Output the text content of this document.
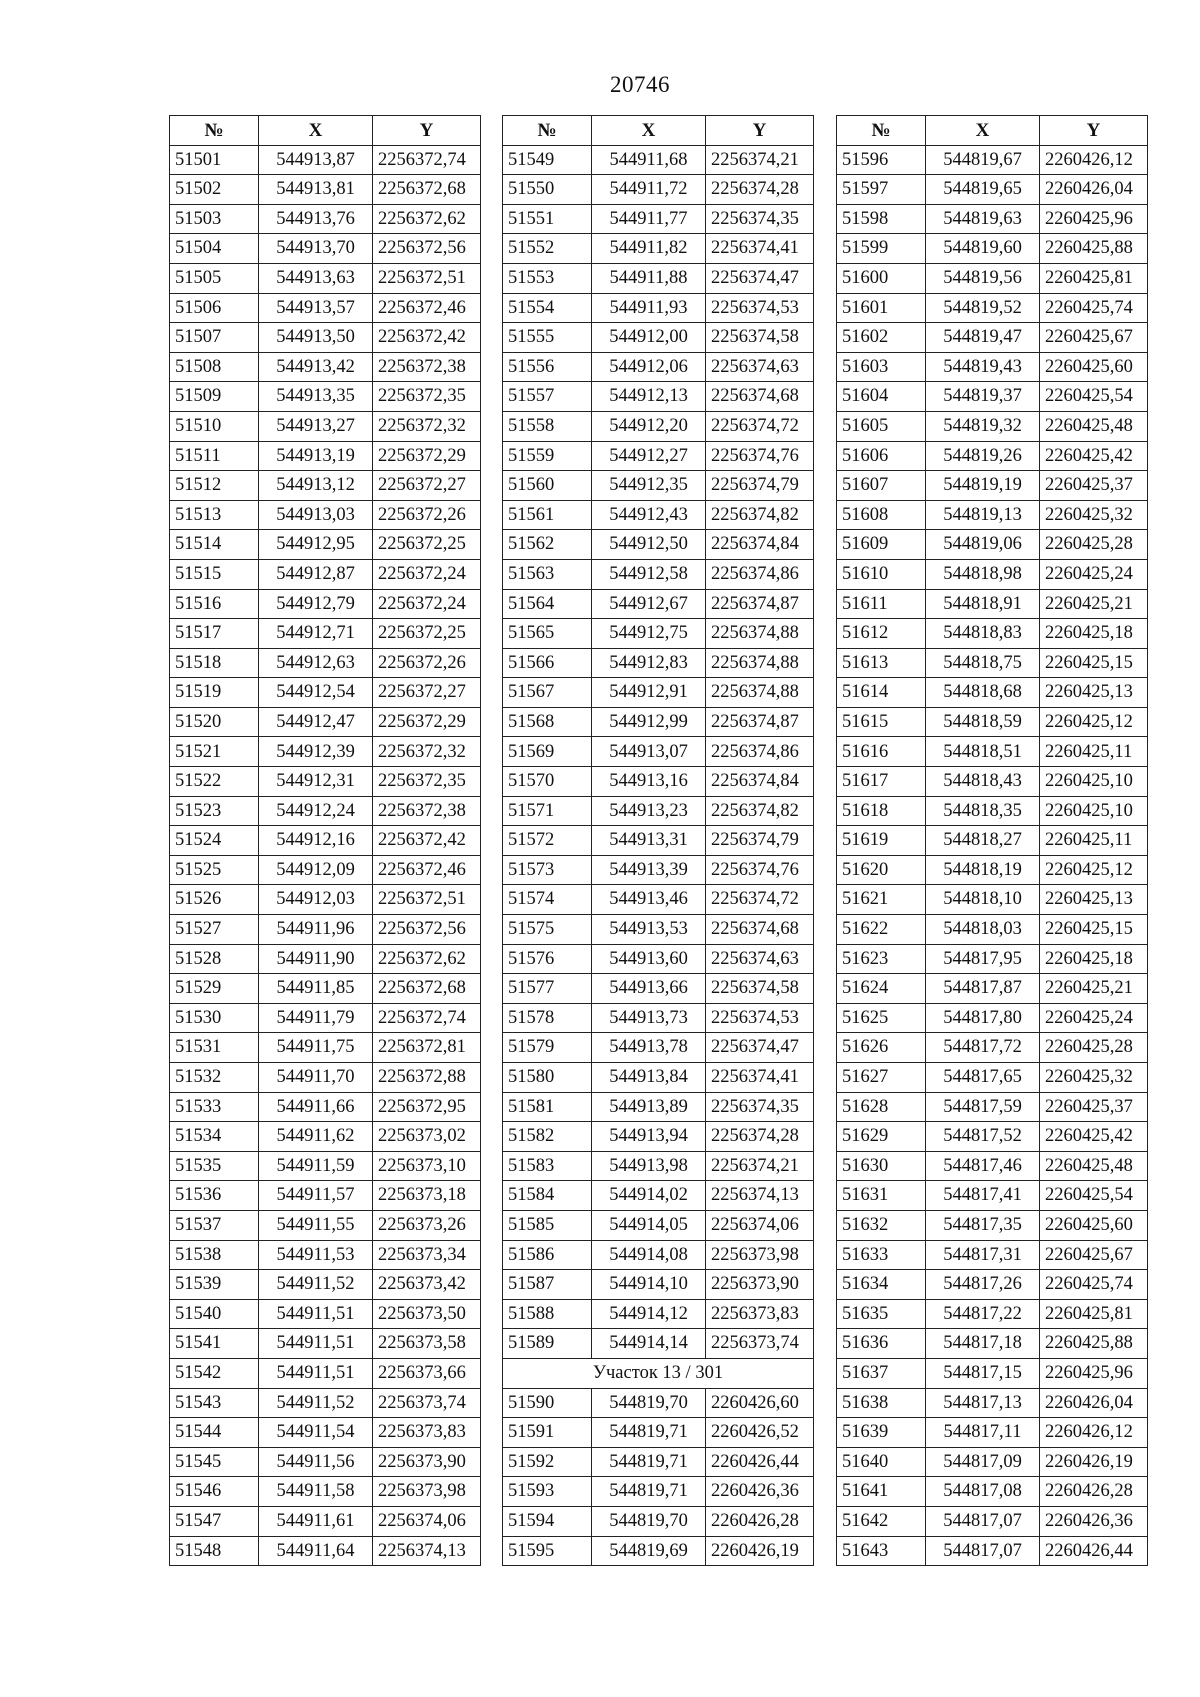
20746
№	X	Y
51501	544913,87	2256372,74
51502	544913,81	2256372,68
51503	544913,76	2256372,62
51504	544913,70	2256372,56
51505	544913,63	2256372,51
51506	544913,57	2256372,46
51507	544913,50	2256372,42
51508	544913,42	2256372,38
51509	544913,35	2256372,35
51510	544913,27	2256372,32
51511	544913,19	2256372,29
51512	544913,12	2256372,27
51513	544913,03	2256372,26
51514	544912,95	2256372,25
51515	544912,87	2256372,24
51516	544912,79	2256372,24
51517	544912,71	2256372,25
51518	544912,63	2256372,26
51519	544912,54	2256372,27
51520	544912,47	2256372,29
51521	544912,39	2256372,32
51522	544912,31	2256372,35
51523	544912,24	2256372,38
51524	544912,16	2256372,42
51525	544912,09	2256372,46
51526	544912,03	2256372,51
51527	544911,96	2256372,56
51528	544911,90	2256372,62
51529	544911,85	2256372,68
51530	544911,79	2256372,74
51531	544911,75	2256372,81
51532	544911,70	2256372,88
51533	544911,66	2256372,95
51534	544911,62	2256373,02
51535	544911,59	2256373,10
51536	544911,57	2256373,18
51537	544911,55	2256373,26
51538	544911,53	2256373,34
51539	544911,52	2256373,42
51540	544911,51	2256373,50
51541	544911,51	2256373,58
51542	544911,51	2256373,66
51543	544911,52	2256373,74
51544	544911,54	2256373,83
51545	544911,56	2256373,90
51546	544911,58	2256373,98
51547	544911,61	2256374,06
51548	544911,64	2256374,13
№	X	Y
51549	544911,68	2256374,21
51550	544911,72	2256374,28
51551	544911,77	2256374,35
51552	544911,82	2256374,41
51553	544911,88	2256374,47
51554	544911,93	2256374,53
51555	544912,00	2256374,58
51556	544912,06	2256374,63
51557	544912,13	2256374,68
51558	544912,20	2256374,72
51559	544912,27	2256374,76
51560	544912,35	2256374,79
51561	544912,43	2256374,82
51562	544912,50	2256374,84
51563	544912,58	2256374,86
51564	544912,67	2256374,87
51565	544912,75	2256374,88
51566	544912,83	2256374,88
51567	544912,91	2256374,88
51568	544912,99	2256374,87
51569	544913,07	2256374,86
51570	544913,16	2256374,84
51571	544913,23	2256374,82
51572	544913,31	2256374,79
51573	544913,39	2256374,76
51574	544913,46	2256374,72
51575	544913,53	2256374,68
51576	544913,60	2256374,63
51577	544913,66	2256374,58
51578	544913,73	2256374,53
51579	544913,78	2256374,47
51580	544913,84	2256374,41
51581	544913,89	2256374,35
51582	544913,94	2256374,28
51583	544913,98	2256374,21
51584	544914,02	2256374,13
51585	544914,05	2256374,06
51586	544914,08	2256373,98
51587	544914,10	2256373,90
51588	544914,12	2256373,83
51589	544914,14	2256373,74
Участок 13 / 301		
51590	544819,70	2260426,60
51591	544819,71	2260426,52
51592	544819,71	2260426,44
51593	544819,71	2260426,36
51594	544819,70	2260426,28
51595	544819,69	2260426,19
№	X	Y
51596	544819,67	2260426,12
51597	544819,65	2260426,04
51598	544819,63	2260425,96
51599	544819,60	2260425,88
51600	544819,56	2260425,81
51601	544819,52	2260425,74
51602	544819,47	2260425,67
51603	544819,43	2260425,60
51604	544819,37	2260425,54
51605	544819,32	2260425,48
51606	544819,26	2260425,42
51607	544819,19	2260425,37
51608	544819,13	2260425,32
51609	544819,06	2260425,28
51610	544818,98	2260425,24
51611	544818,91	2260425,21
51612	544818,83	2260425,18
51613	544818,75	2260425,15
51614	544818,68	2260425,13
51615	544818,59	2260425,12
51616	544818,51	2260425,11
51617	544818,43	2260425,10
51618	544818,35	2260425,10
51619	544818,27	2260425,11
51620	544818,19	2260425,12
51621	544818,10	2260425,13
51622	544818,03	2260425,15
51623	544817,95	2260425,18
51624	544817,87	2260425,21
51625	544817,80	2260425,24
51626	544817,72	2260425,28
51627	544817,65	2260425,32
51628	544817,59	2260425,37
51629	544817,52	2260425,42
51630	544817,46	2260425,48
51631	544817,41	2260425,54
51632	544817,35	2260425,60
51633	544817,31	2260425,67
51634	544817,26	2260425,74
51635	544817,22	2260425,81
51636	544817,18	2260425,88
51637	544817,15	2260425,96
51638	544817,13	2260426,04
51639	544817,11	2260426,12
51640	544817,09	2260426,19
51641	544817,08	2260426,28
51642	544817,07	2260426,36
51643	544817,07	2260426,44
